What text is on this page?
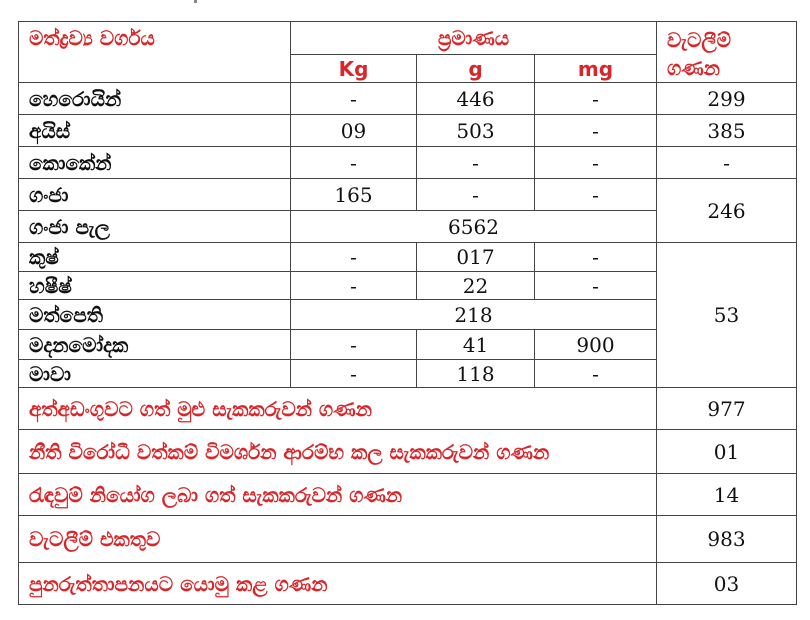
මත්ද්‍රව්‍ය වර්ගය	ප්‍රමාණය			වැටලීම් ගණන
	Kg	g	mg	
හෙරොයින්	-	446	-	299
අයිස්	09	503	-	385
කොකේන්	-	-	-	-
ගංජා	165	-	-	246
ගංජා පැල	6562			
කුෂ්	-	017	-	53
හෂීෂ්	-	22	-	
මත්පෙති	218			
මදනමෝදක	-	41	900	
මාවා	-	118	-	
අත්අඩංගුවට ගත් මුළු සැකකරුවන් ගණන				977
නීති විරෝධී වත්කම් විමර්ශන ආරම්භ කල සැකකරුවන් ගණන				01
රැඳවුම් නියෝග ලබා ගත් සැකකරුවන් ගණන				14
වැටලීම් එකතුව				983
පුනරුත්තාපනයට යොමු කළ ගණන				03
